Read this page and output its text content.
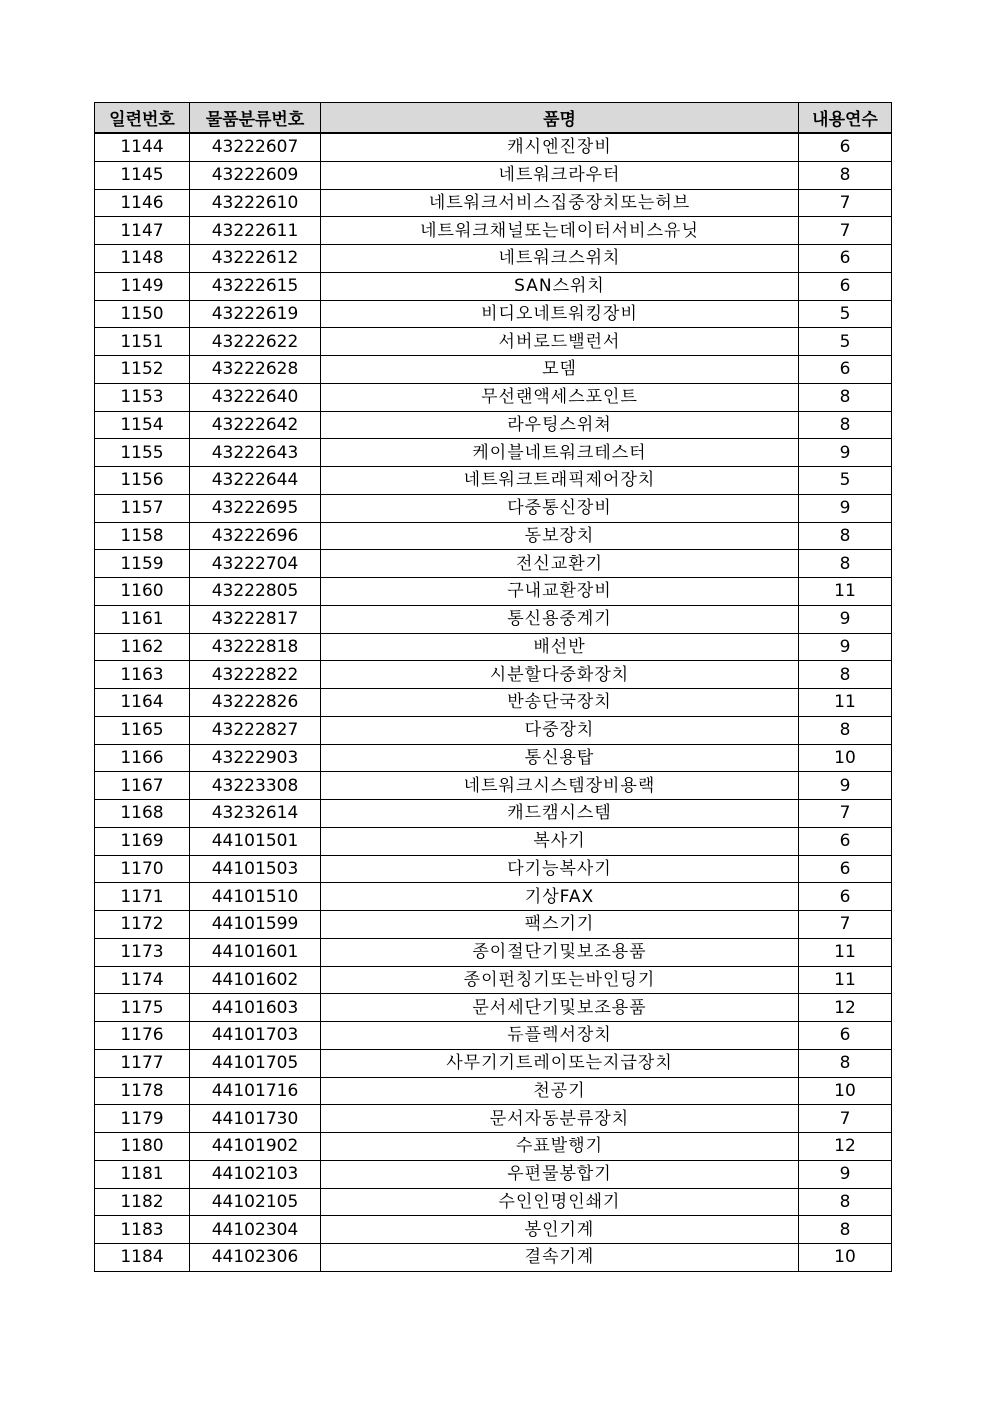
일련번호	물품분류번호	품명	내용연수
1144	43222607	캐시엔진장비	6
1145	43222609	네트워크라우터	8
1146	43222610	네트워크서비스집중장치또는허브	7
1147	43222611	네트워크채널또는데이터서비스유닛	7
1148	43222612	네트워크스위치	6
1149	43222615	SAN스위치	6
1150	43222619	비디오네트워킹장비	5
1151	43222622	서버로드밸런서	5
1152	43222628	모뎀	6
1153	43222640	무선랜액세스포인트	8
1154	43222642	라우팅스위쳐	8
1155	43222643	케이블네트워크테스터	9
1156	43222644	네트워크트래픽제어장치	5
1157	43222695	다중통신장비	9
1158	43222696	동보장치	8
1159	43222704	전신교환기	8
1160	43222805	구내교환장비	11
1161	43222817	통신용중계기	9
1162	43222818	배선반	9
1163	43222822	시분할다중화장치	8
1164	43222826	반송단국장치	11
1165	43222827	다중장치	8
1166	43222903	통신용탑	10
1167	43223308	네트워크시스템장비용랙	9
1168	43232614	캐드캠시스템	7
1169	44101501	복사기	6
1170	44101503	다기능복사기	6
1171	44101510	기상FAX	6
1172	44101599	팩스기기	7
1173	44101601	종이절단기및보조용품	11
1174	44101602	종이펀칭기또는바인딩기	11
1175	44101603	문서세단기및보조용품	12
1176	44101703	듀플렉서장치	6
1177	44101705	사무기기트레이또는지급장치	8
1178	44101716	천공기	10
1179	44101730	문서자동분류장치	7
1180	44101902	수표발행기	12
1181	44102103	우편물봉합기	9
1182	44102105	수인인명인쇄기	8
1183	44102304	봉인기계	8
1184	44102306	결속기계	10
